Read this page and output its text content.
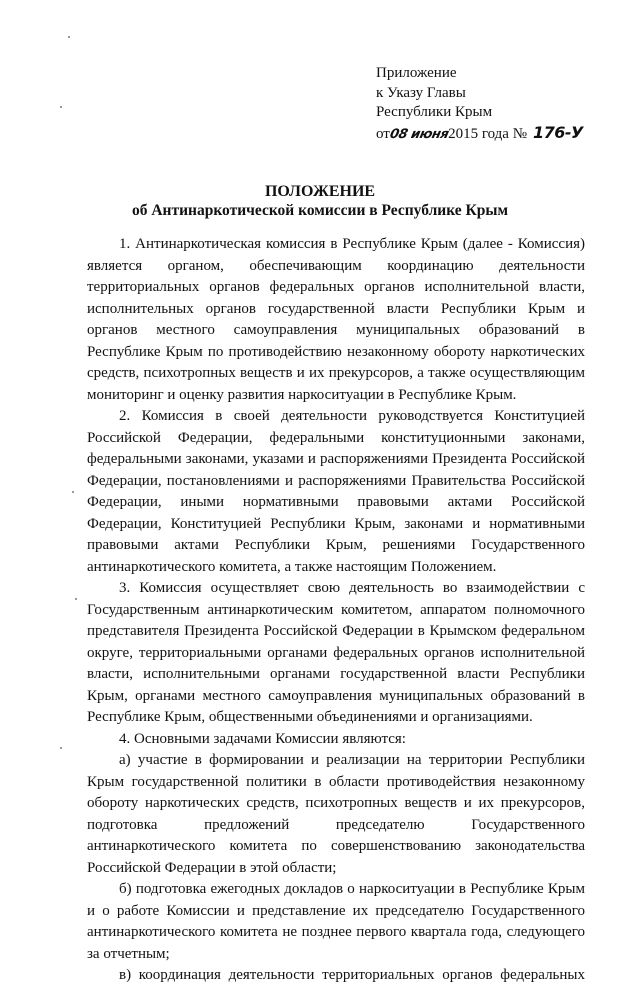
Приложение
к Указу Главы
Республики Крым
от08 июня2015 года № 176-У
ПОЛОЖЕНИЕ
об Антинаркотической комиссии в Республике Крым
1. Антинаркотическая комиссия в Республике Крым (далее - Комиссия)
является органом, обеспечивающим координацию деятельности
территориальных органов федеральных органов исполнительной власти,
исполнительных органов государственной власти Республики Крым и
органов местного самоуправления муниципальных образований в
Республике Крым по противодействию незаконному обороту наркотических
средств, психотропных веществ и их прекурсоров, а также осуществляющим
мониторинг и оценку развития наркоситуации в Республике Крым.
2. Комиссия в своей деятельности руководствуется Конституцией
Российской Федерации, федеральными конституционными законами,
федеральными законами, указами и распоряжениями Президента Российской
Федерации, постановлениями и распоряжениями Правительства Российской
Федерации, иными нормативными правовыми актами Российской
Федерации, Конституцией Республики Крым, законами и нормативными
правовыми актами Республики Крым, решениями Государственного
антинаркотического комитета, а также настоящим Положением.
3. Комиссия осуществляет свою деятельность во взаимодействии с
Государственным антинаркотическим комитетом, аппаратом полномочного
представителя Президента Российской Федерации в Крымском федеральном
округе, территориальными органами федеральных органов исполнительной
власти, исполнительными органами государственной власти Республики
Крым, органами местного самоуправления муниципальных образований в
Республике Крым, общественными объединениями и организациями.
4. Основными задачами Комиссии являются:
а) участие в формировании и реализации на территории Республики
Крым государственной политики в области противодействия незаконному
обороту наркотических средств, психотропных веществ и их прекурсоров,
подготовка предложений председателю Государственного
антинаркотического комитета по совершенствованию законодательства
Российской Федерации в этой области;
б) подготовка ежегодных докладов о наркоситуации в Республике Крым
и о работе Комиссии и представление их председателю Государственного
антинаркотического комитета не позднее первого квартала года, следующего
за отчетным;
в) координация деятельности территориальных органов федеральных
